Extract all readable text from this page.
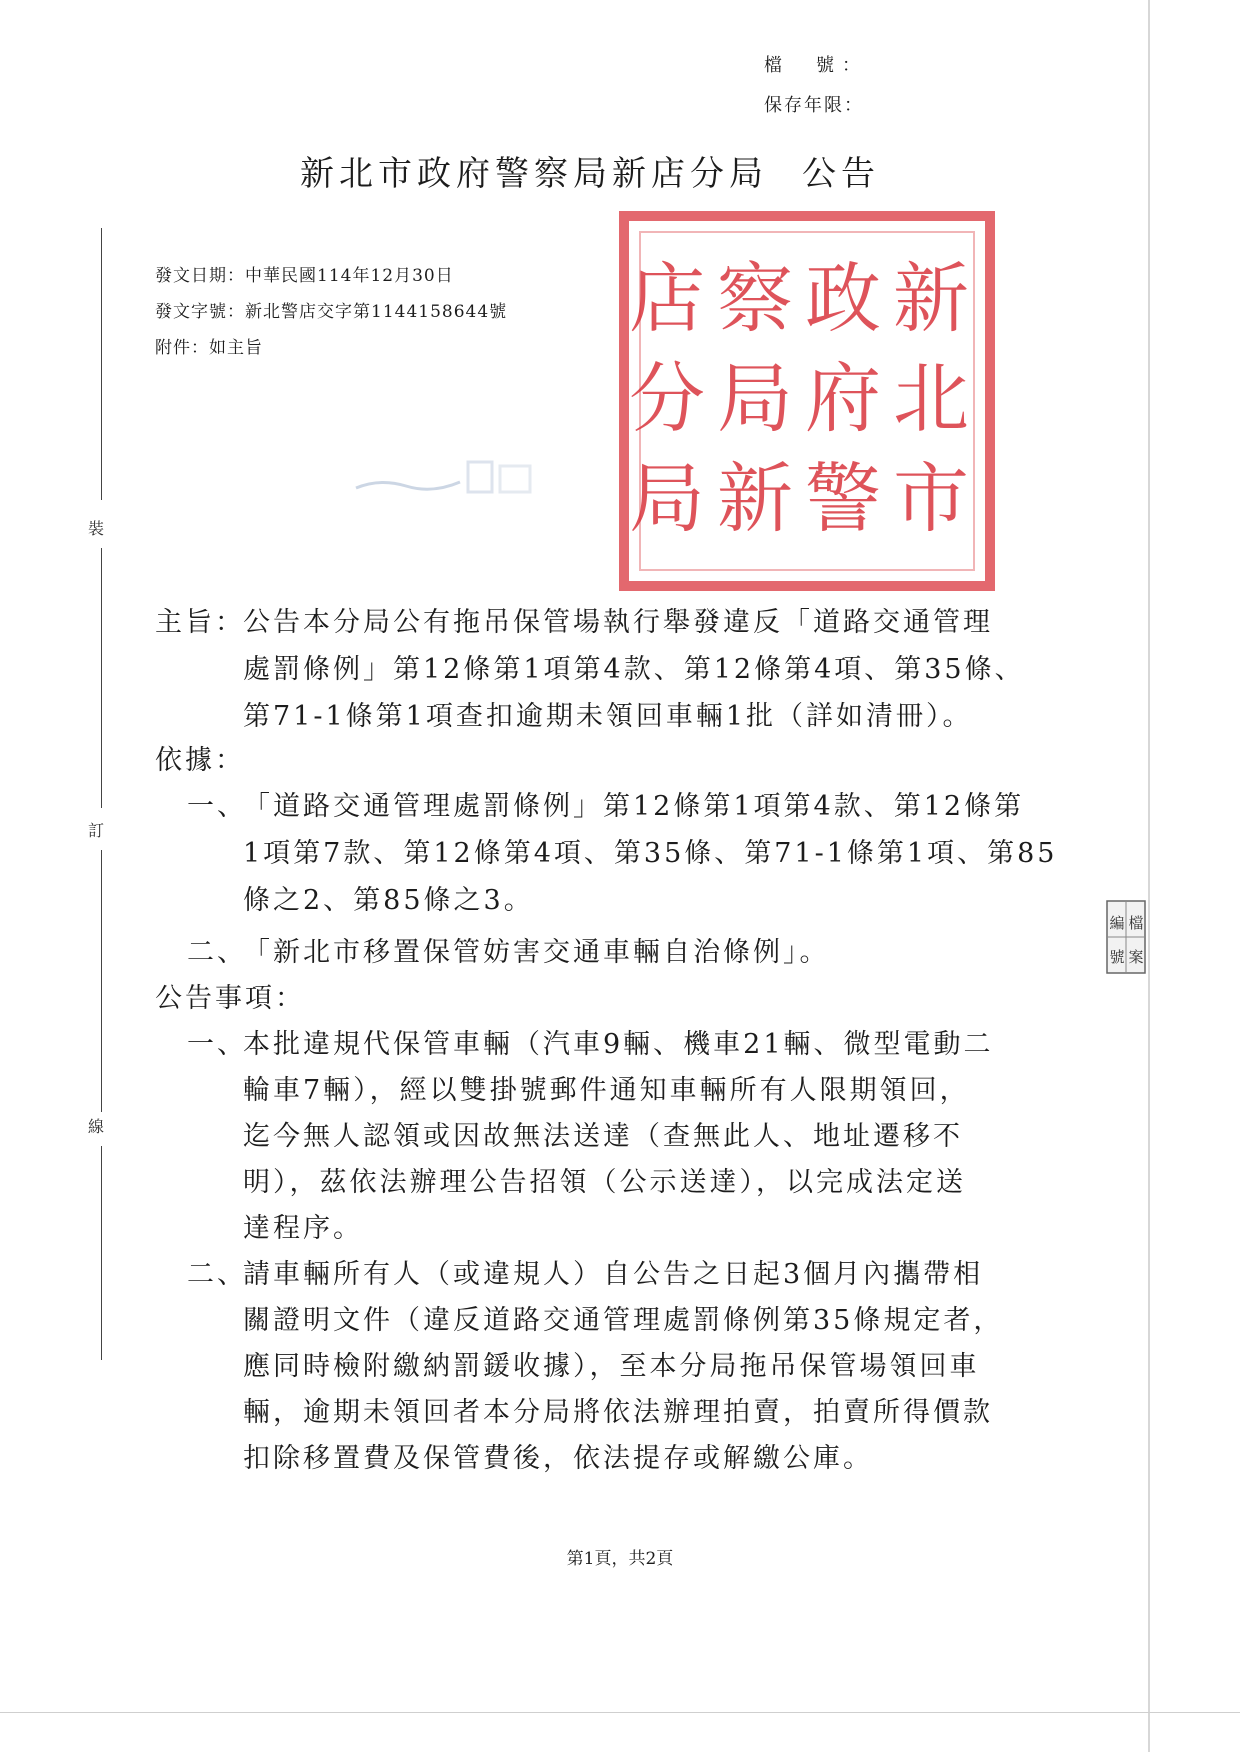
裝
訂
線
檔　號：
保存年限：
新北市政府警察局新店分局 公告
發文日期：中華民國114年12月30日
發文字號：新北警店交字第1144158644號
附件：如主旨
新
北
市
政
府
警
察
局
新
店
分
局
檔
案
編
號
主旨：
公告本分局公有拖吊保管場執行舉發違反「道路交通管理
處罰條例」第12條第1項第4款、第12條第4項、第35條、
第71-1條第1項查扣逾期未領回車輛1批（詳如清冊）。
依據：
一、
「道路交通管理處罰條例」第12條第1項第4款、第12條第
1項第7款、第12條第4項、第35條、第71-1條第1項、第85
條之2、第85條之3。
二、
「新北市移置保管妨害交通車輛自治條例」。
公告事項：
一、
本批違規代保管車輛（汽車9輛、機車21輛、微型電動二
輪車7輛），經以雙掛號郵件通知車輛所有人限期領回，
迄今無人認領或因故無法送達（查無此人、地址遷移不
明），茲依法辦理公告招領（公示送達），以完成法定送
達程序。
二、
請車輛所有人（或違規人）自公告之日起3個月內攜帶相
關證明文件（違反道路交通管理處罰條例第35條規定者，
應同時檢附繳納罰鍰收據），至本分局拖吊保管場領回車
輛，逾期未領回者本分局將依法辦理拍賣，拍賣所得價款
扣除移置費及保管費後，依法提存或解繳公庫。
第1頁，共2頁
